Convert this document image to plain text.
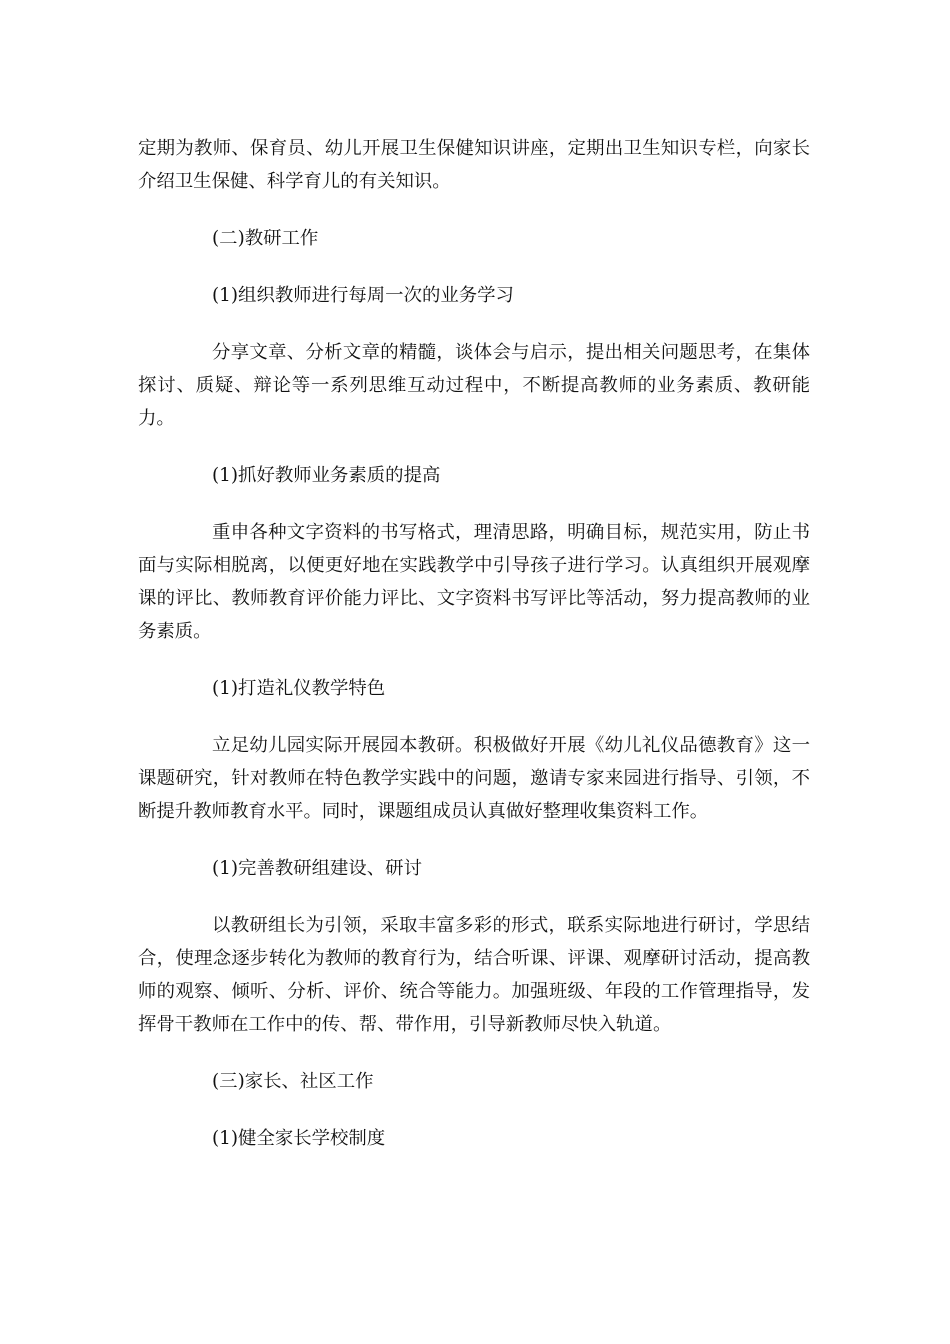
定期为教师、保育员、幼儿开展卫生保健知识讲座，定期出卫生知识专栏，向家长介绍卫生保健、科学育儿的有关知识。

(二)教研工作

(1)组织教师进行每周一次的业务学习

分享文章、分析文章的精髓，谈体会与启示，提出相关问题思考，在集体探讨、质疑、辩论等一系列思维互动过程中，不断提高教师的业务素质、教研能力。

(1)抓好教师业务素质的提高

重申各种文字资料的书写格式，理清思路，明确目标，规范实用，防止书面与实际相脱离，以便更好地在实践教学中引导孩子进行学习。认真组织开展观摩课的评比、教师教育评价能力评比、文字资料书写评比等活动，努力提高教师的业务素质。

(1)打造礼仪教学特色

立足幼儿园实际开展园本教研。积极做好开展《幼儿礼仪品德教育》这一课题研究，针对教师在特色教学实践中的问题，邀请专家来园进行指导、引领，不断提升教师教育水平。同时，课题组成员认真做好整理收集资料工作。

(1)完善教研组建设、研讨

以教研组长为引领，采取丰富多彩的形式，联系实际地进行研讨，学思结合，使理念逐步转化为教师的教育行为，结合听课、评课、观摩研讨活动，提高教师的观察、倾听、分析、评价、统合等能力。加强班级、年段的工作管理指导，发挥骨干教师在工作中的传、帮、带作用，引导新教师尽快入轨道。

(三)家长、社区工作

(1)健全家长学校制度
